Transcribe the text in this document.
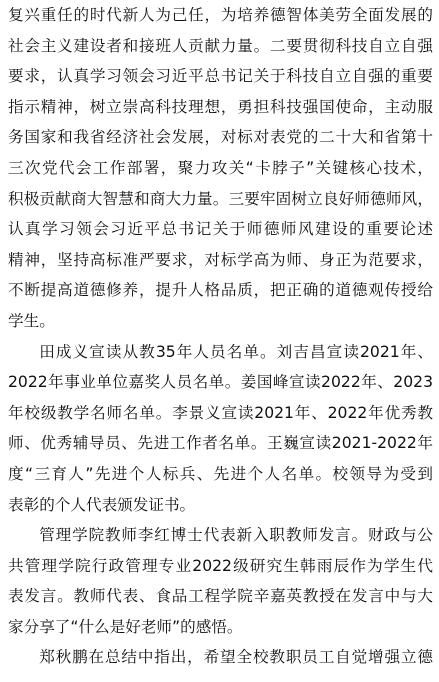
复兴重任的时代新人为己任，为培养德智体美劳全面发展的
社会主义建设者和接班人贡献力量。二要贯彻科技自立自强
要求，认真学习领会习近平总书记关于科技自立自强的重要
指示精神，树立崇高科技理想，勇担科技强国使命，主动服
务国家和我省经济社会发展，对标对表党的二十大和省第十
三次党代会工作部署，聚力攻关“卡脖子”关键核心技术，
积极贡献商大智慧和商大力量。三要牢固树立良好师德师风，
认真学习领会习近平总书记关于师德师风建设的重要论述
精神，坚持高标准严要求，对标学高为师、身正为范要求，
不断提高道德修养，提升人格品质，把正确的道德观传授给
学生。
田成义宣读从教35年人员名单。刘吉昌宣读2021年、
2022年事业单位嘉奖人员名单。姜国峰宣读2022年、2023
年校级教学名师名单。李景义宣读2021年、2022年优秀教
师、优秀辅导员、先进工作者名单。王巍宣读2021-2022年
度“三育人”先进个人标兵、先进个人名单。校领导为受到
表彰的个人代表颁发证书。
管理学院教师李红博士代表新入职教师发言。财政与公
共管理学院行政管理专业2022级研究生韩雨辰作为学生代
表发言。教师代表、食品工程学院辛嘉英教授在发言中与大
家分享了“什么是好老师”的感悟。
郑秋鹏在总结中指出，希望全校教职员工自觉增强立德
